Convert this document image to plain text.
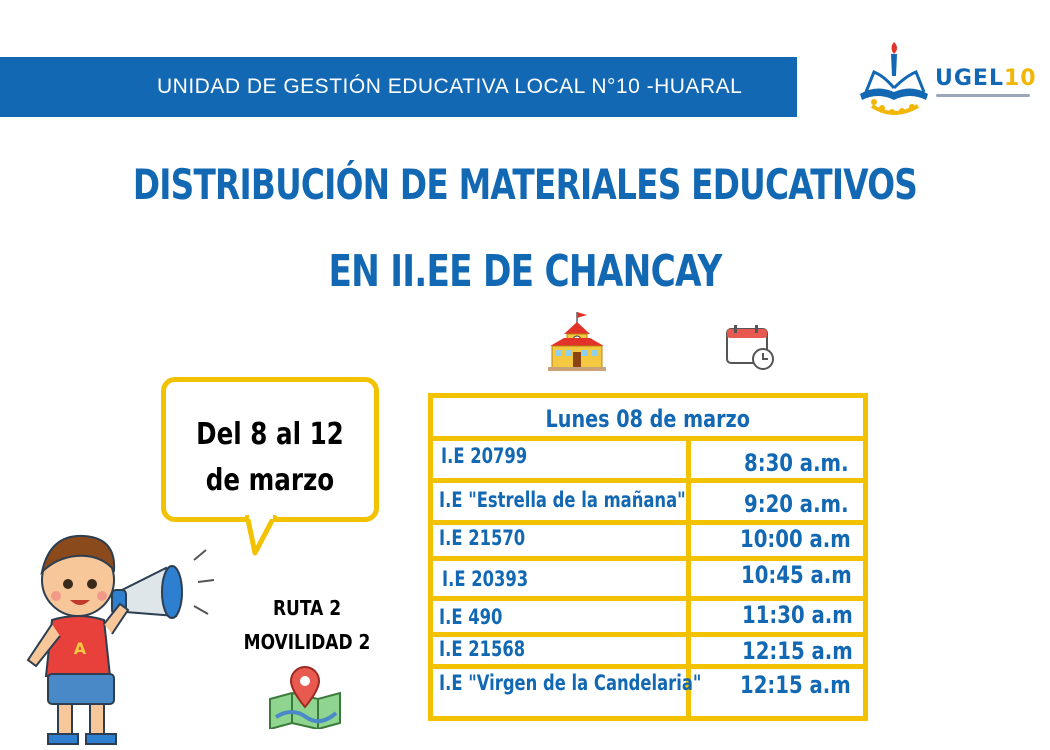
UNIDAD DE GESTIÓN EDUCATIVA LOCAL N°10 -HUARAL	UGEL10
DISTRIBUCIÓN DE MATERIALES EDUCATIVOS
EN II.EE DE CHANCAY
Del 8 al 12 de marzo
A
RUTA 2
MOVILIDAD 2
Lunes 08 de marzo
I.E 20799	8:30 a.m.
I.E "Estrella de la mañana"	9:20 a.m.
I.E 21570	10:00 a.m
I.E 20393	10:45 a.m
I.E 490	11:30 a.m
I.E 21568	12:15 a.m
I.E "Virgen de la Candelaria"	12:15 a.m
